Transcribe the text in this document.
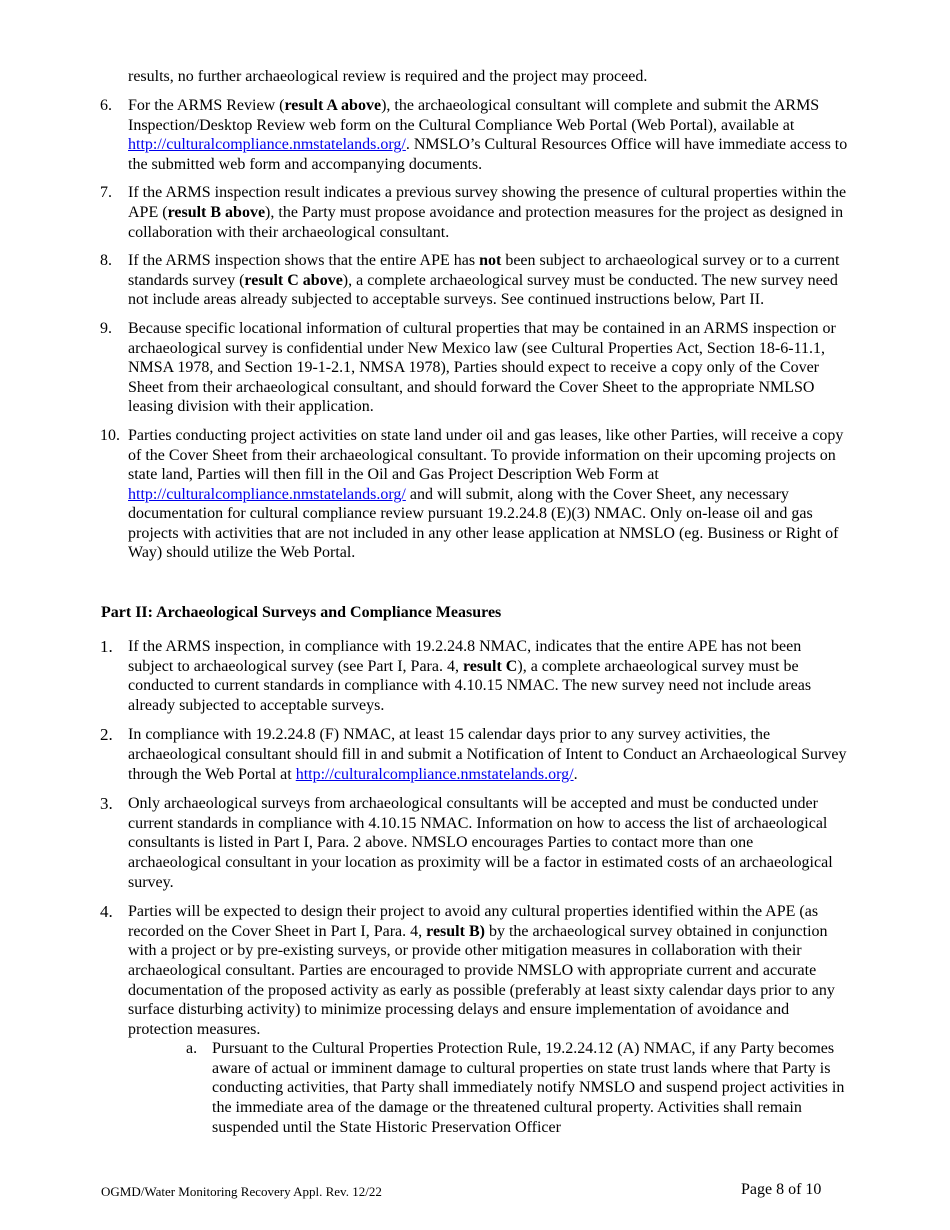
results, no further archaeological review is required and the project may proceed.

6. For the ARMS Review (result A above), the archaeological consultant will complete and submit the ARMS Inspection/Desktop Review web form on the Cultural Compliance Web Portal (Web Portal), available at http://culturalcompliance.nmstatelands.org/. NMSLO’s Cultural Resources Office will have immediate access to the submitted web form and accompanying documents.
7. If the ARMS inspection result indicates a previous survey showing the presence of cultural properties within the APE (result B above), the Party must propose avoidance and protection measures for the project as designed in collaboration with their archaeological consultant.
8. If the ARMS inspection shows that the entire APE has not been subject to archaeological survey or to a current standards survey (result C above), a complete archaeological survey must be conducted. The new survey need not include areas already subjected to acceptable surveys. See continued instructions below, Part II.
9. Because specific locational information of cultural properties that may be contained in an ARMS inspection or archaeological survey is confidential under New Mexico law (see Cultural Properties Act, Section 18-6-11.1, NMSA 1978, and Section 19-1-2.1, NMSA 1978), Parties should expect to receive a copy only of the Cover Sheet from their archaeological consultant, and should forward the Cover Sheet to the appropriate NMLSO leasing division with their application.
10. Parties conducting project activities on state land under oil and gas leases, like other Parties, will receive a copy of the Cover Sheet from their archaeological consultant. To provide information on their upcoming projects on state land, Parties will then fill in the Oil and Gas Project Description Web Form at http://culturalcompliance.nmstatelands.org/ and will submit, along with the Cover Sheet, any necessary documentation for cultural compliance review pursuant 19.2.24.8 (E)(3) NMAC. Only on-lease oil and gas projects with activities that are not included in any other lease application at NMSLO (eg. Business or Right of Way) should utilize the Web Portal.
Part II: Archaeological Surveys and Compliance Measures
1. If the ARMS inspection, in compliance with 19.2.24.8 NMAC, indicates that the entire APE has not been subject to archaeological survey (see Part I, Para. 4, result C), a complete archaeological survey must be conducted to current standards in compliance with 4.10.15 NMAC. The new survey need not include areas already subjected to acceptable surveys.
2. In compliance with 19.2.24.8 (F) NMAC, at least 15 calendar days prior to any survey activities, the archaeological consultant should fill in and submit a Notification of Intent to Conduct an Archaeological Survey through the Web Portal at http://culturalcompliance.nmstatelands.org/.
3. Only archaeological surveys from archaeological consultants will be accepted and must be conducted under current standards in compliance with 4.10.15 NMAC. Information on how to access the list of archaeological consultants is listed in Part I, Para. 2 above. NMSLO encourages Parties to contact more than one archaeological consultant in your location as proximity will be a factor in estimated costs of an archaeological survey.
4. Parties will be expected to design their project to avoid any cultural properties identified within the APE (as recorded on the Cover Sheet in Part I, Para. 4, result B) by the archaeological survey obtained in conjunction with a project or by pre-existing surveys, or provide other mitigation measures in collaboration with their archaeological consultant. Parties are encouraged to provide NMSLO with appropriate current and accurate documentation of the proposed activity as early as possible (preferably at least sixty calendar days prior to any surface disturbing activity) to minimize processing delays and ensure implementation of avoidance and protection measures.
a. Pursuant to the Cultural Properties Protection Rule, 19.2.24.12 (A) NMAC, if any Party becomes aware of actual or imminent damage to cultural properties on state trust lands where that Party is conducting activities, that Party shall immediately notify NMSLO and suspend project activities in the immediate area of the damage or the threatened cultural property. Activities shall remain suspended until the State Historic Preservation Officer
OGMD/Water Monitoring Recovery Appl. Rev. 12/22	Page 8 of 10
